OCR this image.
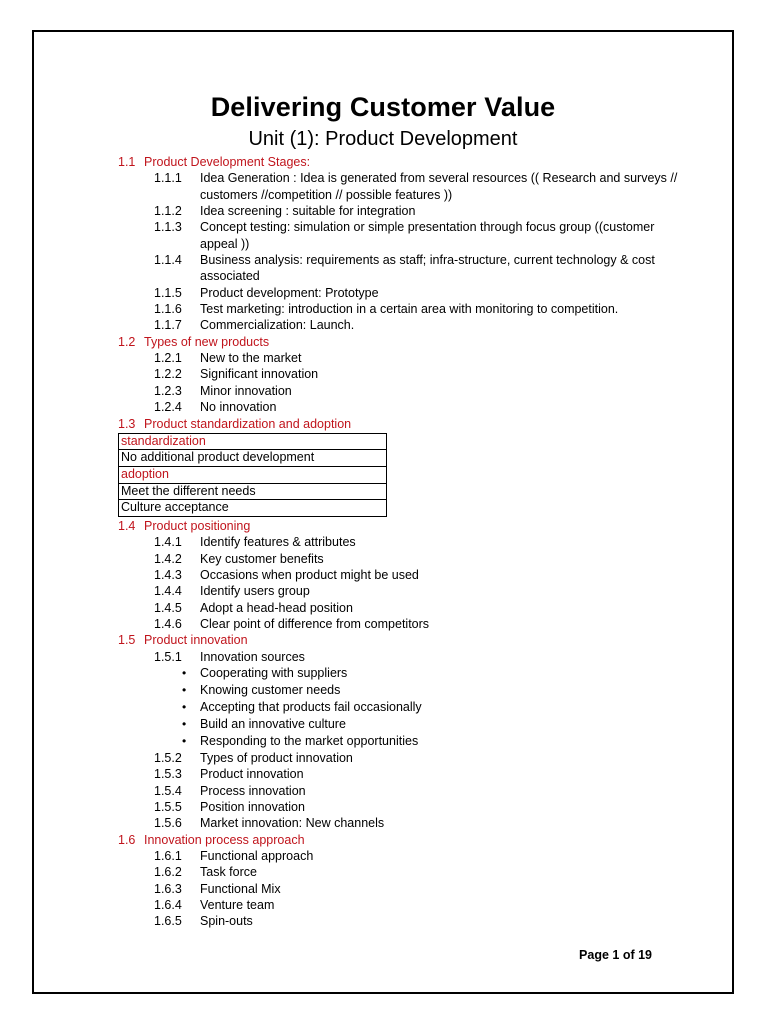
Delivering Customer Value
Unit (1): Product Development
1.1 Product Development Stages:
1.1.1 Idea Generation : Idea is generated from several resources (( Research and surveys // customers //competition // possible features ))
1.1.2 Idea screening : suitable for integration
1.1.3 Concept testing: simulation or simple presentation through focus group ((customer appeal ))
1.1.4 Business analysis: requirements as staff; infra-structure, current technology & cost associated
1.1.5 Product development: Prototype
1.1.6 Test marketing: introduction in a certain area with monitoring to competition.
1.1.7 Commercialization: Launch.
1.2 Types of new products
1.2.1 New to the market
1.2.2 Significant innovation
1.2.3 Minor innovation
1.2.4 No innovation
1.3 Product standardization and adoption
standardization
No additional product development
adoption
Meet the different needs
Culture acceptance
1.4 Product positioning
1.4.1 Identify features & attributes
1.4.2 Key customer benefits
1.4.3 Occasions when product might be used
1.4.4 Identify users group
1.4.5 Adopt a head-head position
1.4.6 Clear point of difference from competitors
1.5 Product innovation
1.5.1 Innovation sources
• Cooperating with suppliers
• Knowing customer needs
• Accepting that products fail occasionally
• Build an innovative culture
• Responding to the market opportunities
1.5.2 Types of product innovation
1.5.3 Product innovation
1.5.4 Process innovation
1.5.5 Position innovation
1.5.6 Market innovation: New channels
1.6 Innovation process approach
1.6.1 Functional approach
1.6.2 Task force
1.6.3 Functional Mix
1.6.4 Venture team
1.6.5 Spin-outs
Page 1 of 19
